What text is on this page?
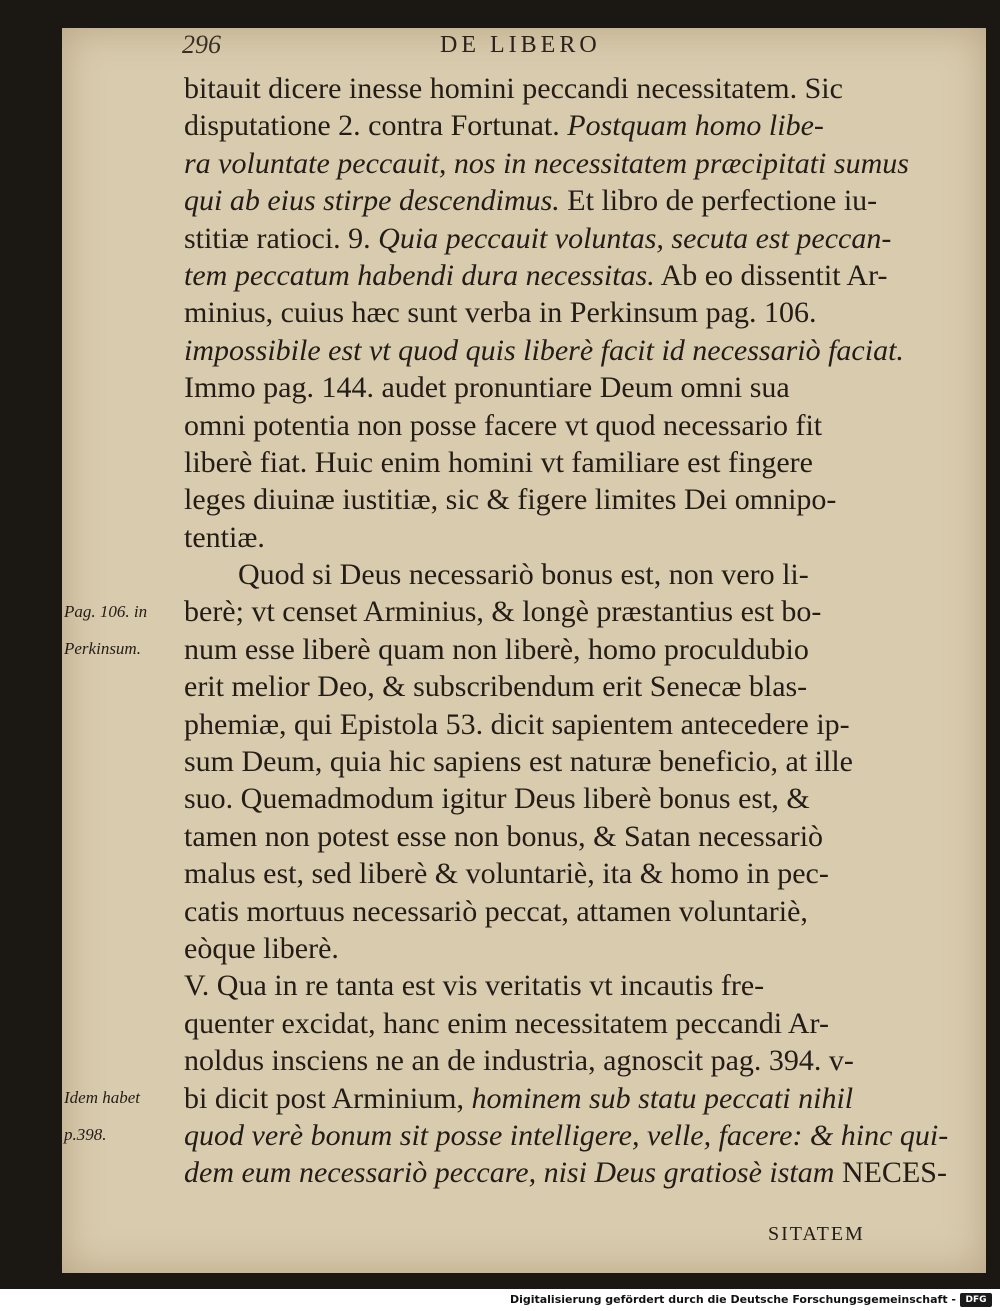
296	DE LIBERO
bitauit dicere inesse homini peccandi necessitatem. Sic
disputatione 2. contra Fortunat. Postquam homo libe-
ra voluntate peccauit, nos in necessitatem præcipitati sumus
qui ab eius stirpe descendimus. Et libro de perfectione iu-
stitiæ ratioci. 9. Quia peccauit voluntas, secuta est peccan-
tem peccatum habendi dura necessitas. Ab eo dissentit Ar-
minius, cuius hæc sunt verba in Perkinsum pag. 106.
impossibile est vt quod quis liberè facit id necessariò faciat.
Immo pag. 144. audet pronuntiare Deum omni sua
omni potentia non posse facere vt quod necessario fit
liberè fiat. Huic enim homini vt familiare est fingere
leges diuinæ iustitiæ, sic & figere limites Dei omnipo-
tentiæ.
Quod si Deus necessariò bonus est, non vero li-
berè; vt censet Arminius, & longè præstantius est bo-
num esse liberè quam non liberè, homo proculdubio
erit melior Deo, & subscribendum erit Senecæ blas-
phemiæ, qui Epistola 53. dicit sapientem antecedere ip-
sum Deum, quia hic sapiens est naturæ beneficio, at ille
suo. Quemadmodum igitur Deus liberè bonus est, &
tamen non potest esse non bonus, & Satan necessariò
malus est, sed liberè & voluntariè, ita & homo in pec-
catis mortuus necessariò peccat, attamen voluntariè,
eòque liberè.
V. Qua in re tanta est vis veritatis vt incautis fre-
quenter excidat, hanc enim necessitatem peccandi Ar-
noldus insciens ne an de industria, agnoscit pag. 394. v-
bi dicit post Arminium, hominem sub statu peccati nihil
quod verè bonum sit posse intelligere, velle, facere: & hinc qui-
dem eum necessariò peccare, nisi Deus gratiosè istam NECES-
Pag. 106. in
Perkinsum.
Idem habet
p.398.
SITATEM
Digitalisierung gefördert durch die Deutsche Forschungsgemeinschaft -	DFG
